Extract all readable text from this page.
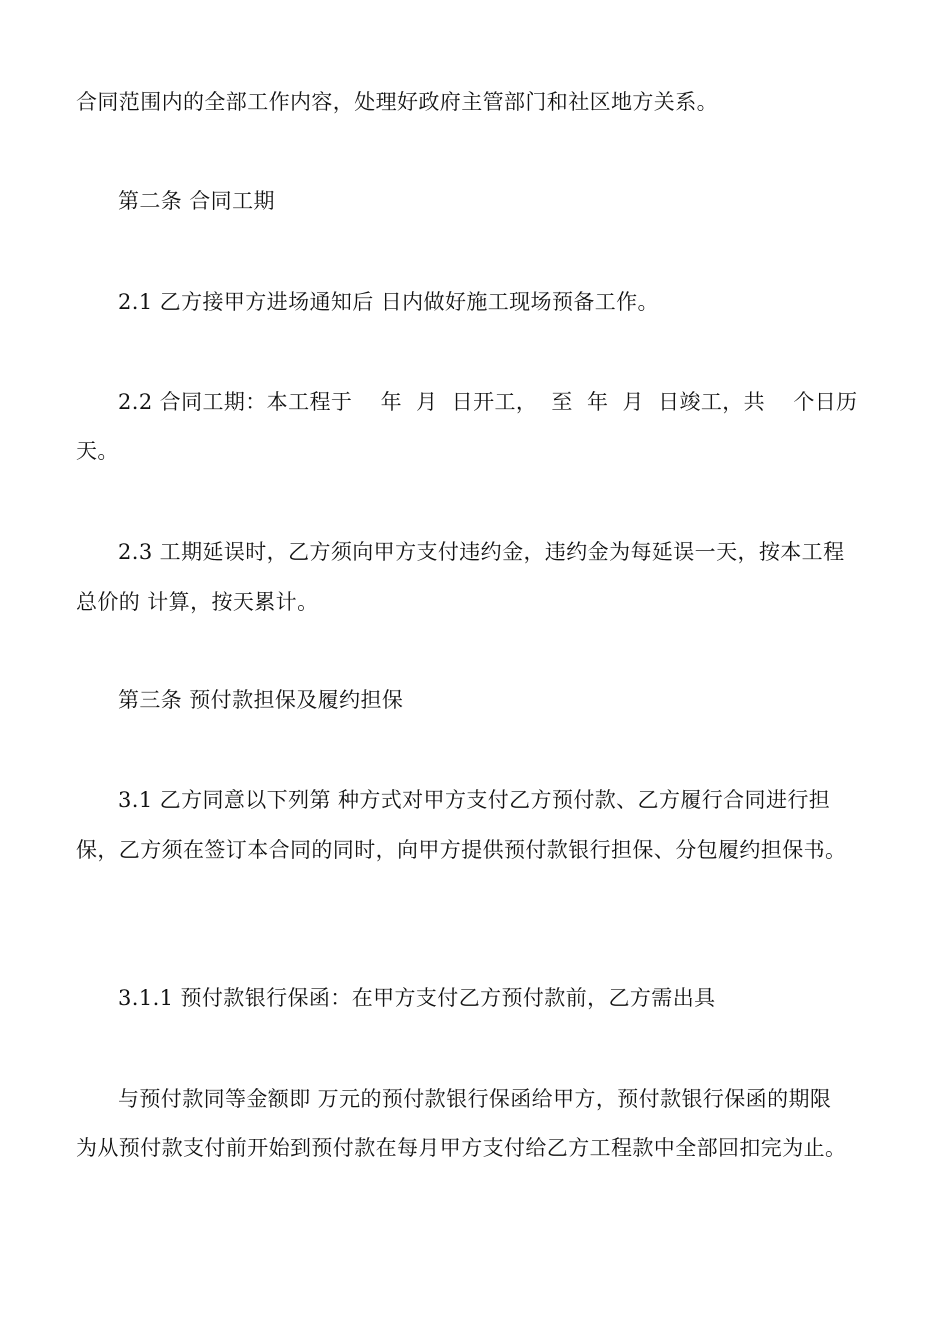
合同范围内的全部工作内容，处理好政府主管部门和社区地方关系。
第二条 合同工期
2.1 乙方接甲方进场通知后 日内做好施工现场预备工作。
2.2 合同工期：本工程于    年  月  日开工，  至  年  月  日竣工，共    个日历
天。
2.3 工期延误时，乙方须向甲方支付违约金，违约金为每延误一天，按本工程
总价的 计算，按天累计。
第三条 预付款担保及履约担保
3.1 乙方同意以下列第 种方式对甲方支付乙方预付款、乙方履行合同进行担
保，乙方须在签订本合同的同时，向甲方提供预付款银行担保、分包履约担保书。
3.1.1 预付款银行保函：在甲方支付乙方预付款前，乙方需出具
与预付款同等金额即 万元的预付款银行保函给甲方，预付款银行保函的期限
为从预付款支付前开始到预付款在每月甲方支付给乙方工程款中全部回扣完为止。
